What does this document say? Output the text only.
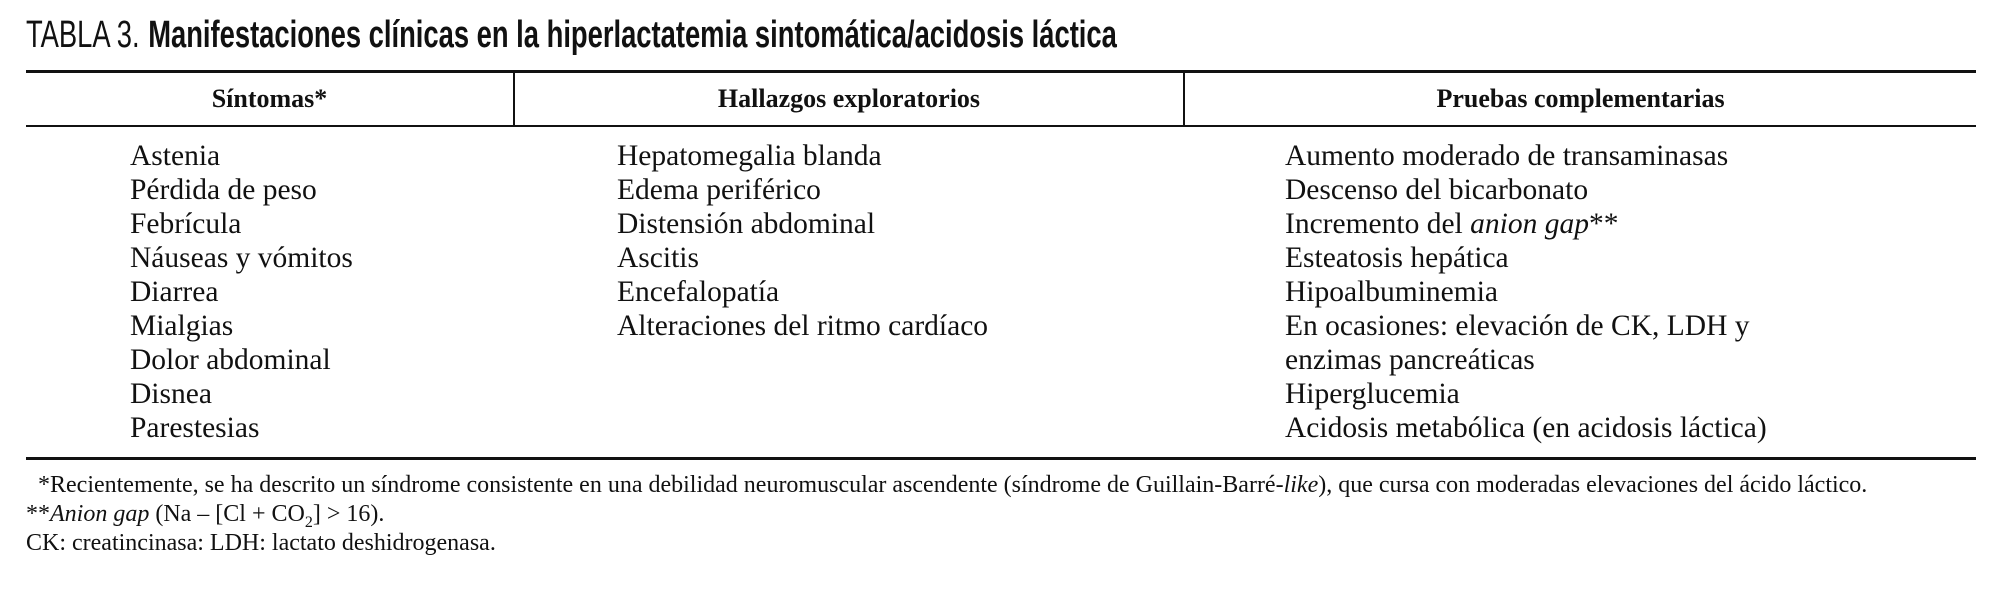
TABLA 3. Manifestaciones clínicas en la hiperlactatemia sintomática/acidosis láctica
Síntomas*	Hallazgos exploratorios	Pruebas complementarias
Astenia
Pérdida de peso
Febrícula
Náuseas y vómitos
Diarrea
Mialgias
Dolor abdominal
Disnea
Parestesias
Hepatomegalia blanda
Edema periférico
Distensión abdominal
Ascitis
Encefalopatía
Alteraciones del ritmo cardíaco
Aumento moderado de transaminasas
Descenso del bicarbonato
Incremento del anion gap**
Esteatosis hepática
Hipoalbuminemia
En ocasiones: elevación de CK, LDH y
enzimas pancreáticas
Hiperglucemia
Acidosis metabólica (en acidosis láctica)

*Recientemente, se ha descrito un síndrome consistente en una debilidad neuromuscular ascendente (síndrome de Guillain-Barré-like), que cursa con moderadas elevaciones del ácido láctico.

**Anion gap $(Na - [Cl + CO_2] > 16)$.

CK: creatincinasa: LDH: lactato deshidrogenasa.
